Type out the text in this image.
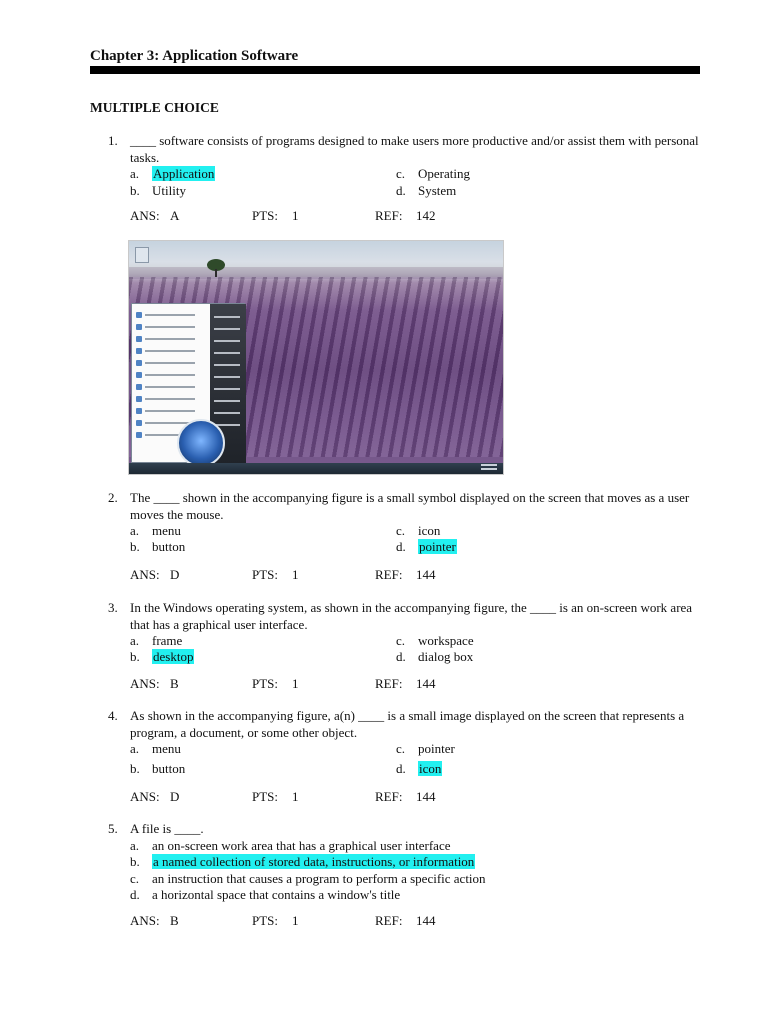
Chapter 3: Application Software
MULTIPLE CHOICE
1. ____ software consists of programs designed to make users more productive and/or assist them with personal tasks.
a. Application
b. Utility
c. Operating
d. System
ANS: A	PTS: 1	REF: 142
2. The ____ shown in the accompanying figure is a small symbol displayed on the screen that moves as a user moves the mouse.
a. menu
b. button
c. icon
d. pointer
ANS: D	PTS: 1	REF: 144
3. In the Windows operating system, as shown in the accompanying figure, the ____ is an on-screen work area that has a graphical user interface.
a. frame
b. desktop
c. workspace
d. dialog box
ANS: B	PTS: 1	REF: 144
4. As shown in the accompanying figure, a(n) ____ is a small image displayed on the screen that represents a program, a document, or some other object.
a. menu
b. button
c. pointer
d. icon
ANS: D	PTS: 1	REF: 144
5. A file is ____.
a. an on-screen work area that has a graphical user interface
b. a named collection of stored data, instructions, or information
c. an instruction that causes a program to perform a specific action
d. a horizontal space that contains a window's title
ANS: B	PTS: 1	REF: 144
